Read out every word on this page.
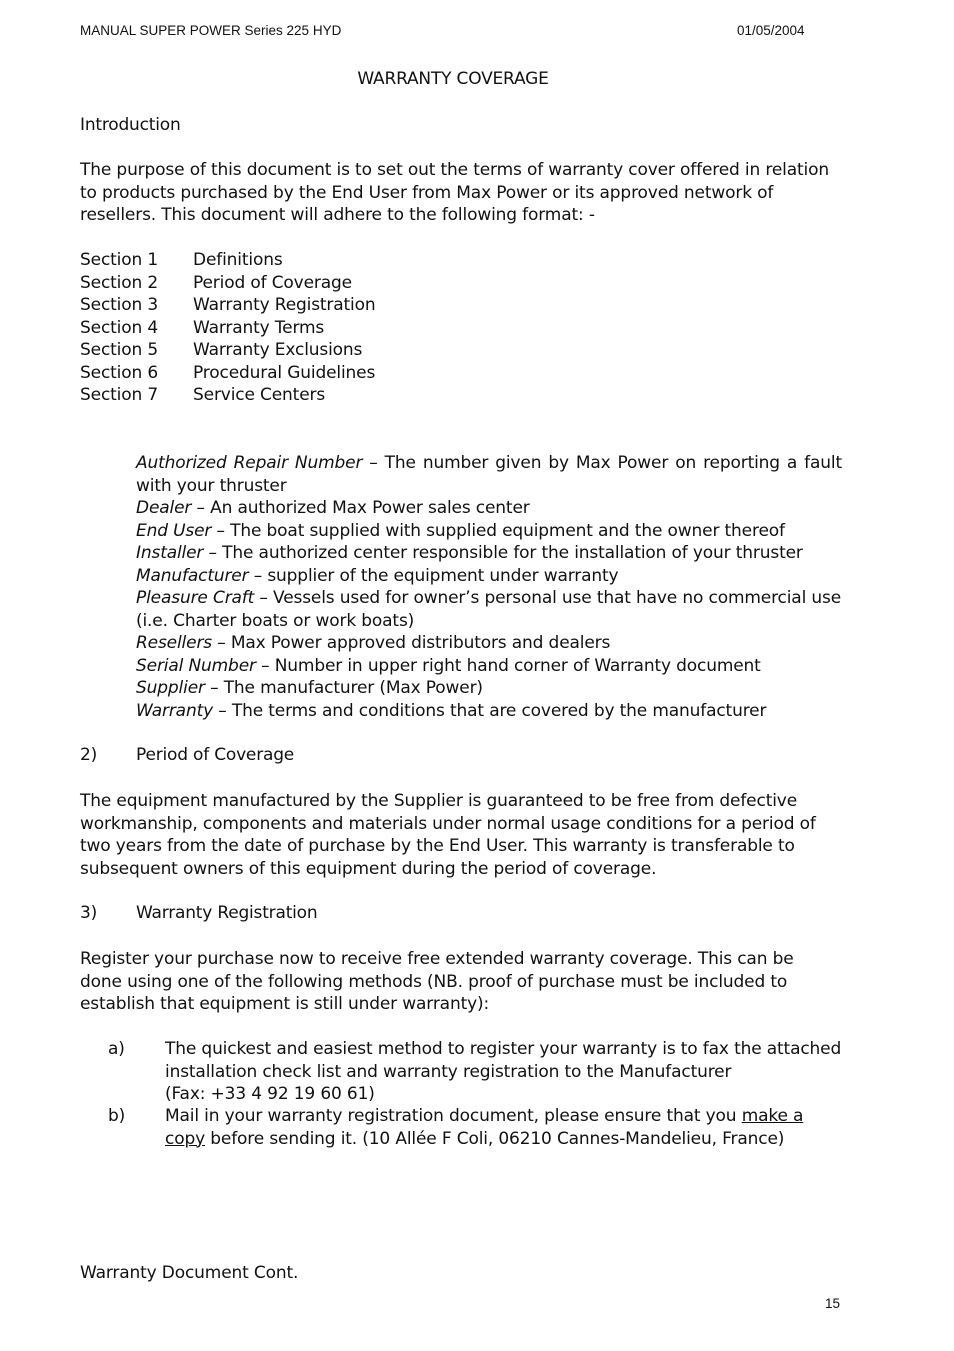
MANUAL SUPER POWER Series 225 HYD	01/05/2004
WARRANTY COVERAGE
Introduction
The purpose of this document is to set out the terms of warranty cover offered in relation to products purchased by the End User from Max Power or its approved network of resellers. This document will adhere to the following format: -
Section 1 Definitions
Section 2 Period of Coverage
Section 3 Warranty Registration
Section 4 Warranty Terms
Section 5 Warranty Exclusions
Section 6 Procedural Guidelines
Section 7 Service Centers

Authorized Repair Number – The number given by Max Power on reporting a fault with your thruster

Dealer – An authorized Max Power sales center

End User – The boat supplied with supplied equipment and the owner thereof

Installer – The authorized center responsible for the installation of your thruster

Manufacturer – supplier of the equipment under warranty

Pleasure Craft – Vessels used for owner’s personal use that have no commercial use (i.e. Charter boats or work boats)

Resellers – Max Power approved distributors and dealers

Serial Number – Number in upper right hand corner of Warranty document

Supplier – The manufacturer (Max Power)

Warranty – The terms and conditions that are covered by the manufacturer

2) Period of Coverage
The equipment manufactured by the Supplier is guaranteed to be free from defective workmanship, components and materials under normal usage conditions for a period of two years from the date of purchase by the End User. This warranty is transferable to subsequent owners of this equipment during the period of coverage.
3) Warranty Registration
Register your purchase now to receive free extended warranty coverage. This can be done using one of the following methods (NB. proof of purchase must be included to establish that equipment is still under warranty):
a) The quickest and easiest method to register your warranty is to fax the attached installation check list and warranty registration to the Manufacturer
(Fax: +33 4 92 19 60 61)
b) Mail in your warranty registration document, please ensure that you make a copy before sending it. (10 Allée F Coli, 06210 Cannes-Mandelieu, France)
Warranty Document Cont.
15
